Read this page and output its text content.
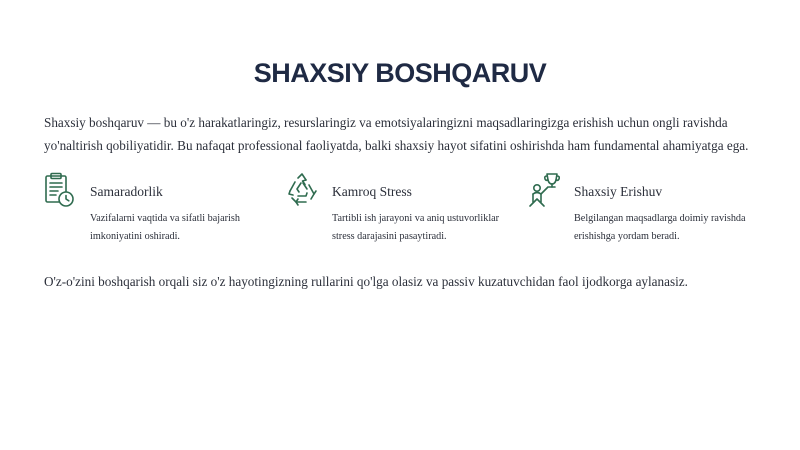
SHAXSIY BOSHQARUV

Shaxsiy boshqaruv — bu o'z harakatlaringiz, resurslaringiz va emotsiyalaringizni maqsadlaringizga erishish uchun ongli ravishda yo'naltirish qobiliyatidir. Bu nafaqat professional faoliyatda, balki shaxsiy hayot sifatini oshirishda ham fundamental ahamiyatga ega.

Samaradorlik
Vazifalarni vaqtida va sifatli bajarish imkoniyatini oshiradi.
Kamroq Stress
Tartibli ish jarayoni va aniq ustuvorliklar stress darajasini pasaytiradi.
Shaxsiy Erishuv
Belgilangan maqsadlarga doimiy ravishda erishishga yordam beradi.

O'z-o'zini boshqarish orqali siz o'z hayotingizning rullarini qo'lga olasiz va passiv kuzatuvchidan faol ijodkorga aylanasiz.
